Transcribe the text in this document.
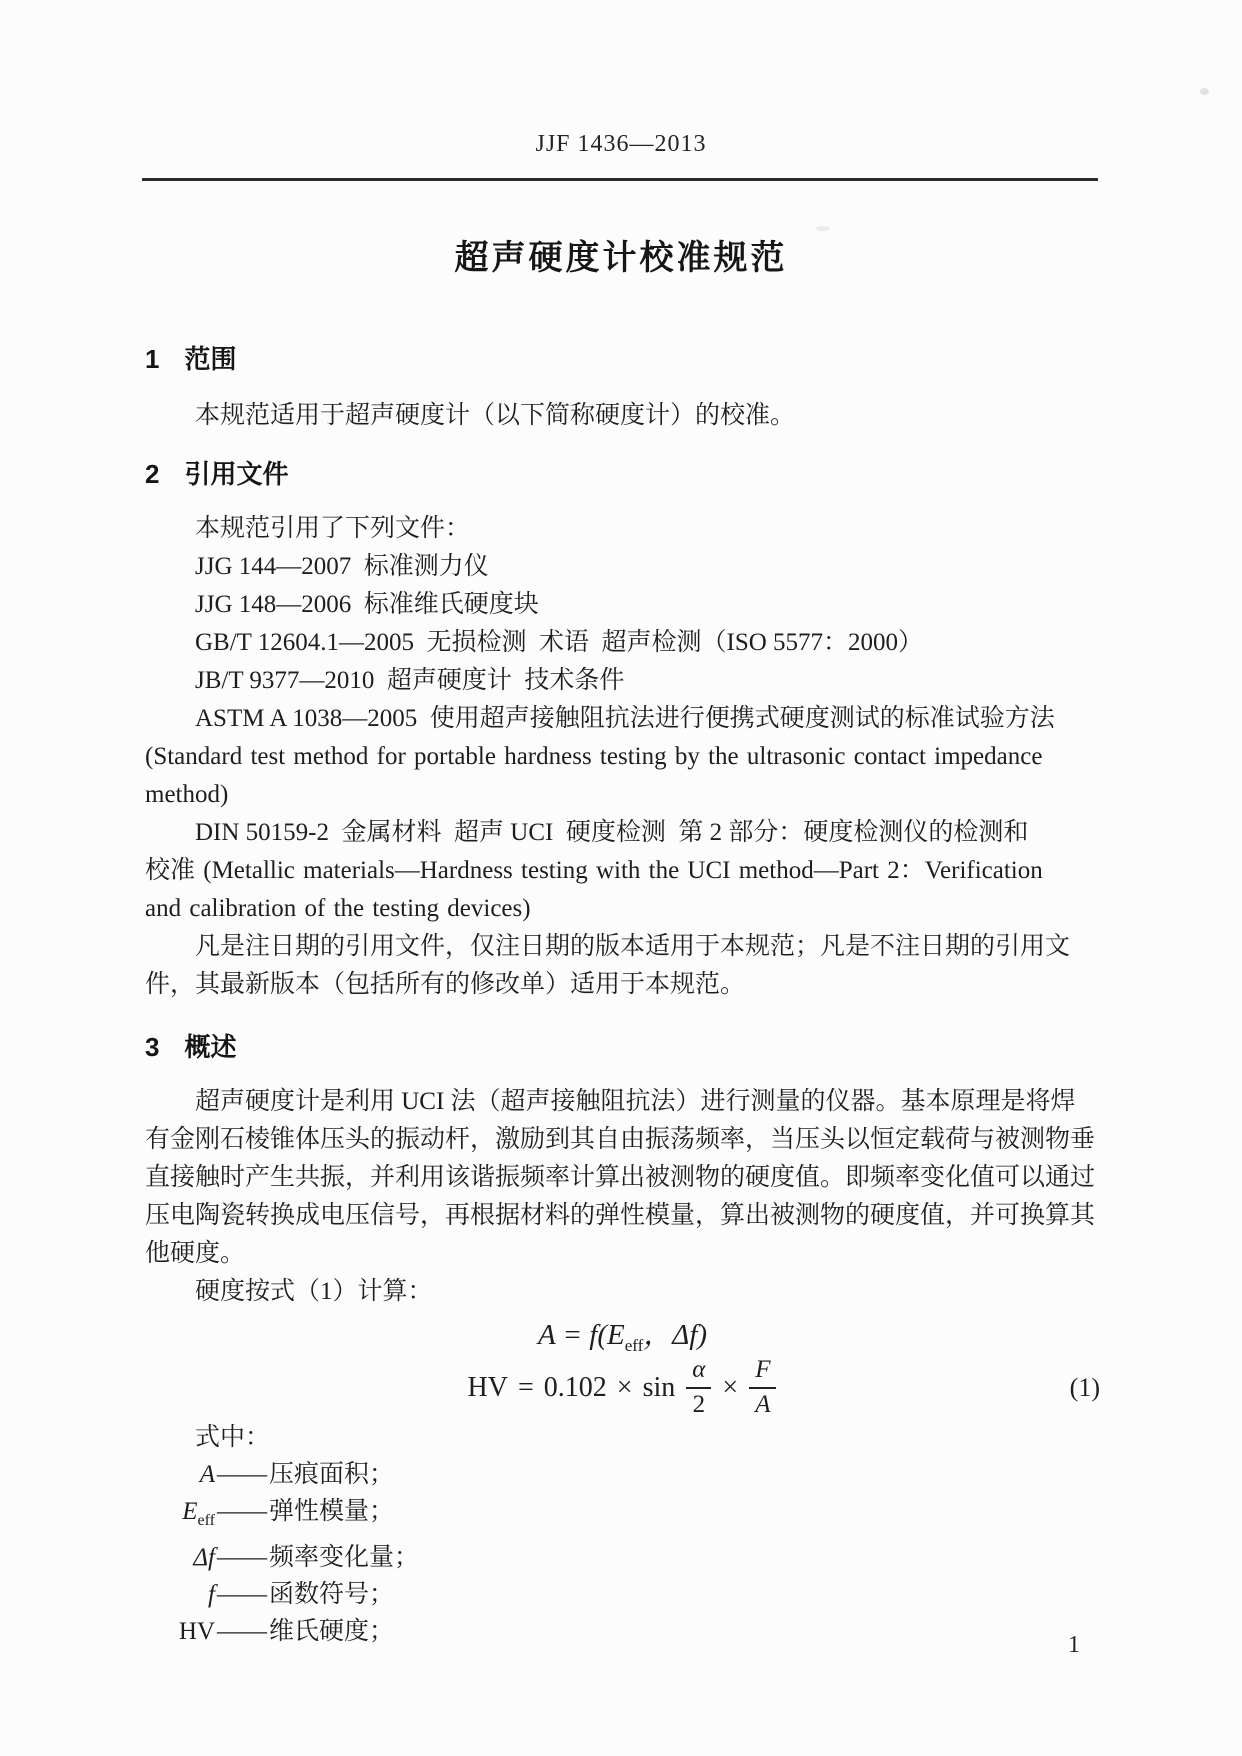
JJF 1436—2013
超声硬度计校准规范
1 范围
本规范适用于超声硬度计（以下简称硬度计）的校准。
2 引用文件
本规范引用了下列文件：
JJG 144—2007  标准测力仪
JJG 148—2006  标准维氏硬度块
GB/T 12604.1—2005  无损检测  术语  超声检测（ISO 5577：2000）
JB/T 9377—2010  超声硬度计  技术条件
ASTM A 1038—2005  使用超声接触阻抗法进行便携式硬度测试的标准试验方法
(Standard test method for portable hardness testing by the ultrasonic contact impedance
method)
DIN 50159-2  金属材料  超声 UCI  硬度检测  第 2 部分：硬度检测仪的检测和
校准 (Metallic materials—Hardness testing with the UCI method—Part 2：Verification
and calibration of the testing devices)
凡是注日期的引用文件，仅注日期的版本适用于本规范；凡是不注日期的引用文
件，其最新版本（包括所有的修改单）适用于本规范。
3 概述
超声硬度计是利用 UCI 法（超声接触阻抗法）进行测量的仪器。基本原理是将焊
有金刚石棱锥体压头的振动杆，激励到其自由振荡频率，当压头以恒定载荷与被测物垂
直接触时产生共振，并利用该谐振频率计算出被测物的硬度值。即频率变化值可以通过
压电陶瓷转换成电压信号，再根据材料的弹性模量，算出被测物的硬度值，并可换算其
他硬度。
硬度按式（1）计算：
$A = f(E_{eff}$，Δf)
HV = $0.102 \times \sin \frac{\alpha}{2} \times \frac{F}{A}$	(1)
式中：
A —— 压痕面积；
$E_{eff}$ —— 弹性模量；
Δf —— 频率变化量；
f —— 函数符号；
HV —— 维氏硬度；	1
